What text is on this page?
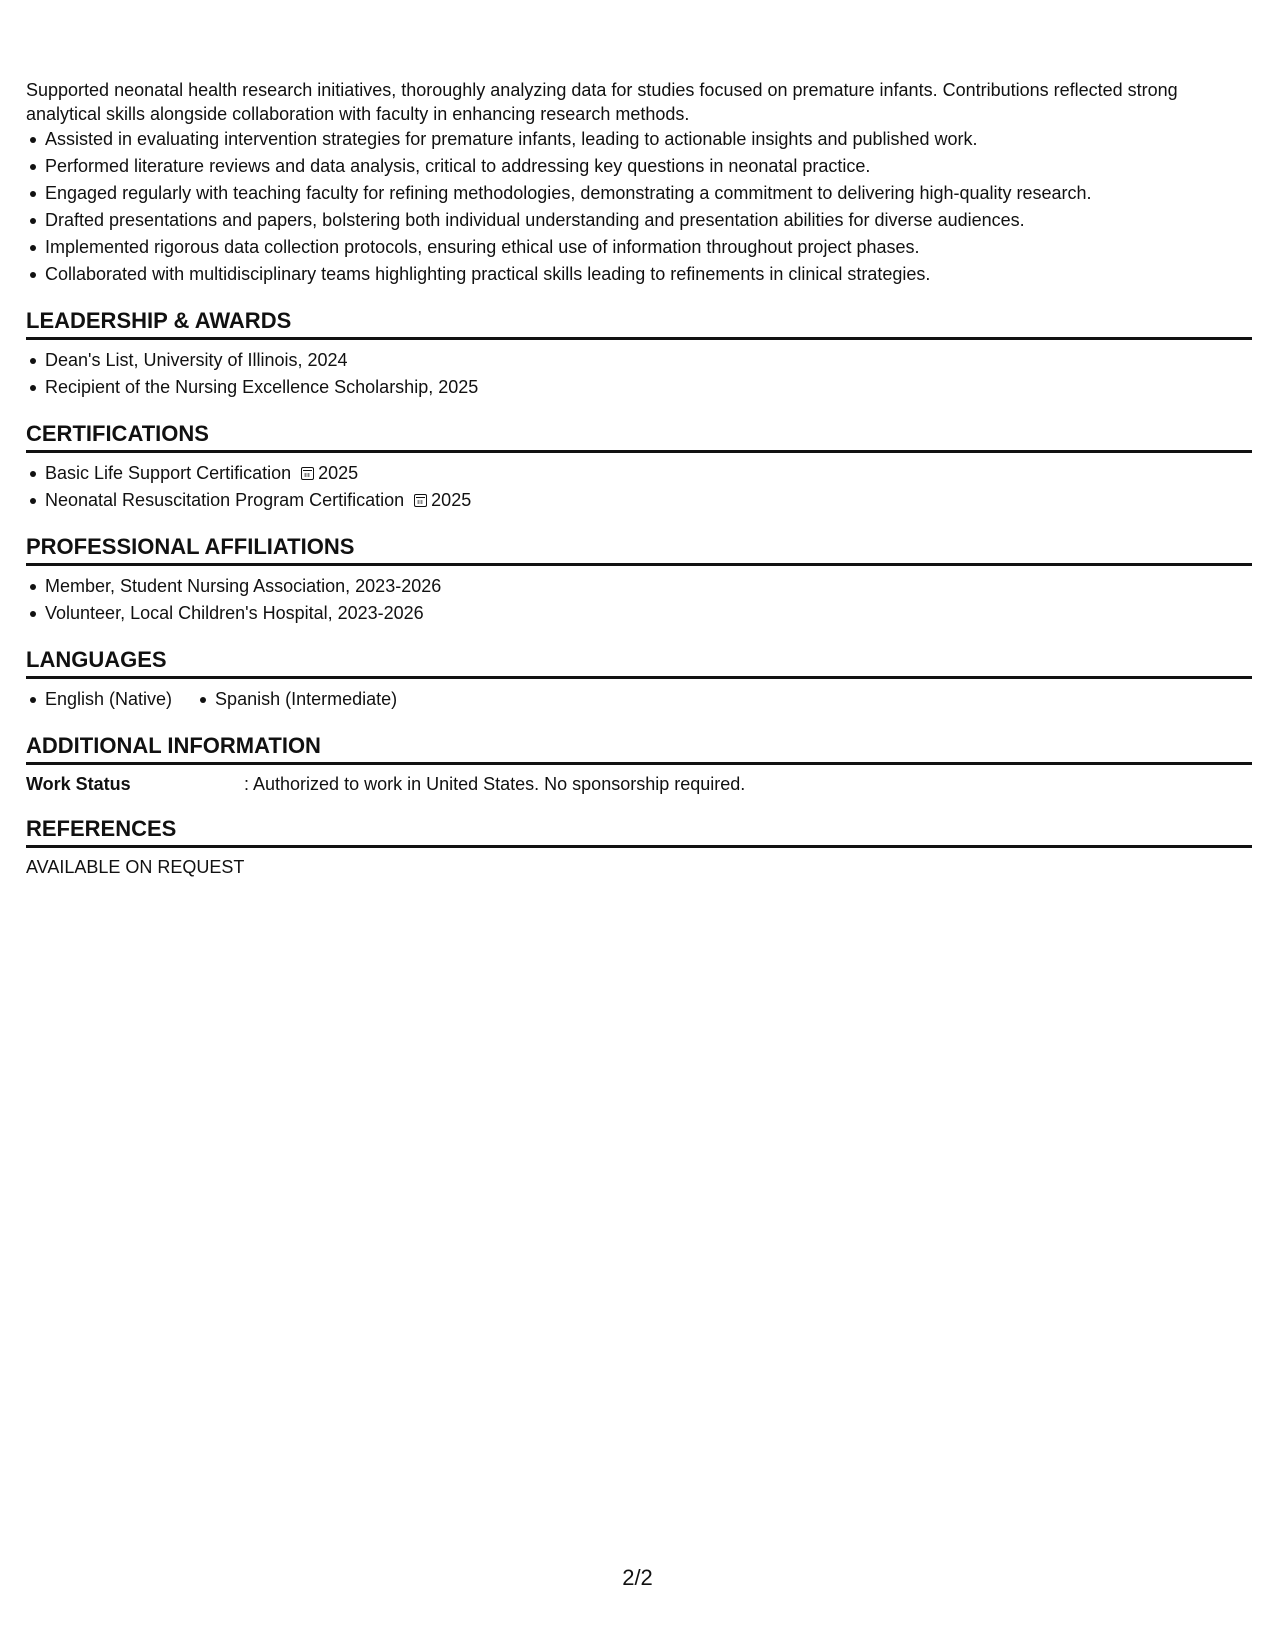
Supported neonatal health research initiatives, thoroughly analyzing data for studies focused on premature infants. Contributions reflected strong analytical skills alongside collaboration with faculty in enhancing research methods.

Assisted in evaluating intervention strategies for premature infants, leading to actionable insights and published work.
Performed literature reviews and data analysis, critical to addressing key questions in neonatal practice.
Engaged regularly with teaching faculty for refining methodologies, demonstrating a commitment to delivering high-quality research.
Drafted presentations and papers, bolstering both individual understanding and presentation abilities for diverse audiences.
Implemented rigorous data collection protocols, ensuring ethical use of information throughout project phases.
Collaborated with multidisciplinary teams highlighting practical skills leading to refinements in clinical strategies.
LEADERSHIP & AWARDS
Dean's List, University of Illinois, 2024
Recipient of the Nursing Excellence Scholarship, 2025
CERTIFICATIONS
Basic Life Support Certification 2025
Neonatal Resuscitation Program Certification 2025
PROFESSIONAL AFFILIATIONS
Member, Student Nursing Association, 2023-2026
Volunteer, Local Children's Hospital, 2023-2026
LANGUAGES
English (Native)	Spanish (Intermediate)
ADDITIONAL INFORMATION
Work Status	: Authorized to work in United States. No sponsorship required.
REFERENCES
AVAILABLE ON REQUEST
2/2
